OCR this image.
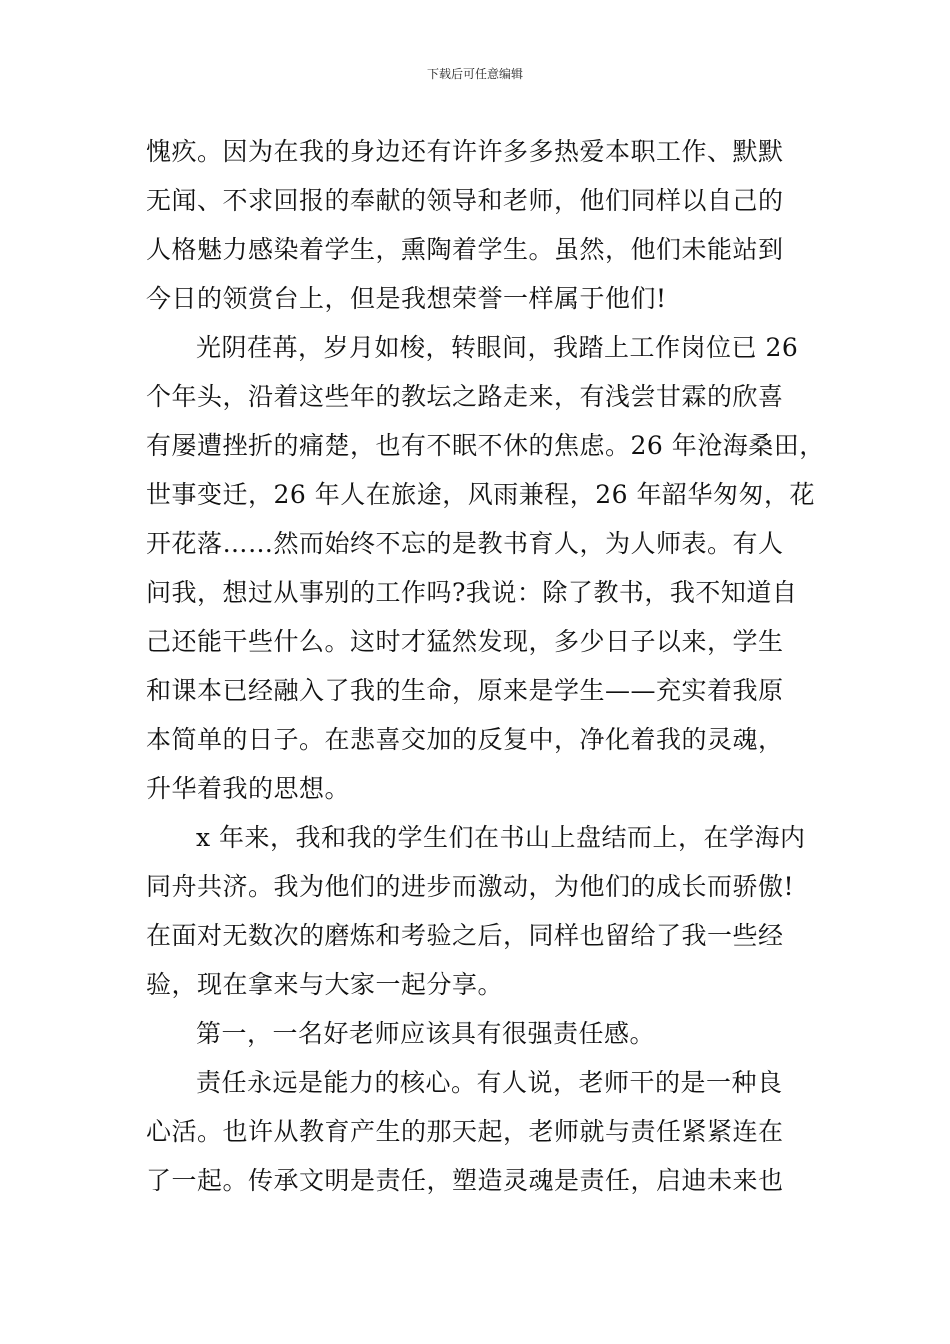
下载后可任意编辑
愧疚。因为在我的身边还有许许多多热爱本职工作、默默
无闻、不求回报的奉献的领导和老师，他们同样以自己的
人格魅力感染着学生，熏陶着学生。虽然，他们未能站到
今日的领赏台上，但是我想荣誉一样属于他们!
光阴荏苒，岁月如梭，转眼间，我踏上工作岗位已 26
个年头，沿着这些年的教坛之路走来，有浅尝甘霖的欣喜
有屡遭挫折的痛楚，也有不眠不休的焦虑。26 年沧海桑田，
世事变迁，26 年人在旅途，风雨兼程，26 年韶华匆匆，花
开花落……然而始终不忘的是教书育人，为人师表。有人
问我，想过从事别的工作吗?我说：除了教书，我不知道自
己还能干些什么。这时才猛然发现，多少日子以来，学生
和课本已经融入了我的生命，原来是学生——充实着我原
本简单的日子。在悲喜交加的反复中，净化着我的灵魂，
升华着我的思想。
x 年来，我和我的学生们在书山上盘结而上，在学海内
同舟共济。我为他们的进步而激动，为他们的成长而骄傲!
在面对无数次的磨炼和考验之后，同样也留给了我一些经
验，现在拿来与大家一起分享。
第一，一名好老师应该具有很强责任感。
责任永远是能力的核心。有人说，老师干的是一种良
心活。也许从教育产生的那天起，老师就与责任紧紧连在
了一起。传承文明是责任，塑造灵魂是责任，启迪未来也
